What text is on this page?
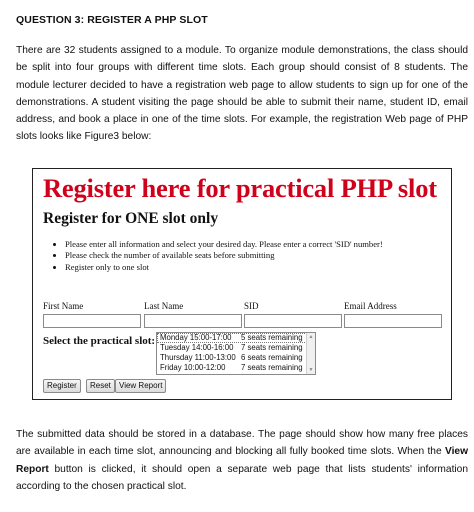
QUESTION 3: REGISTER A PHP SLOT
There are 32 students assigned to a module. To organize module demonstrations, the class should be split into four groups with different time slots. Each group should consist of 8 students. The module lecturer decided to have a registration web page to allow students to sign up for one of the demonstrations. A student visiting the page should be able to submit their name, student ID, email address, and book a place in one of the time slots. For example, the registration Web page of PHP slots looks like Figure3 below:
Register here for practical PHP slot
Register for ONE slot only
• Please enter all information and select your desired day. Please enter a correct 'SID' number!
• Please check the number of available seats before submitting
• Register only to one slot
First Name	Last Name	SID	Email Address
Select the practical slot: Monday 15:00-17:00 5 seats remaining
Tuesday 14:00-16:00 7 seats remaining
Thursday 11:00-13:00 6 seats remaining
Friday 10:00-12:00 7 seats remaining
▲
▼
Register	Reset	View Report
The submitted data should be stored in a database. The page should show how many free places are available in each time slot, announcing and blocking all fully booked time slots. When the View Report button is clicked, it should open a separate web page that lists students' information according to the chosen practical slot.
